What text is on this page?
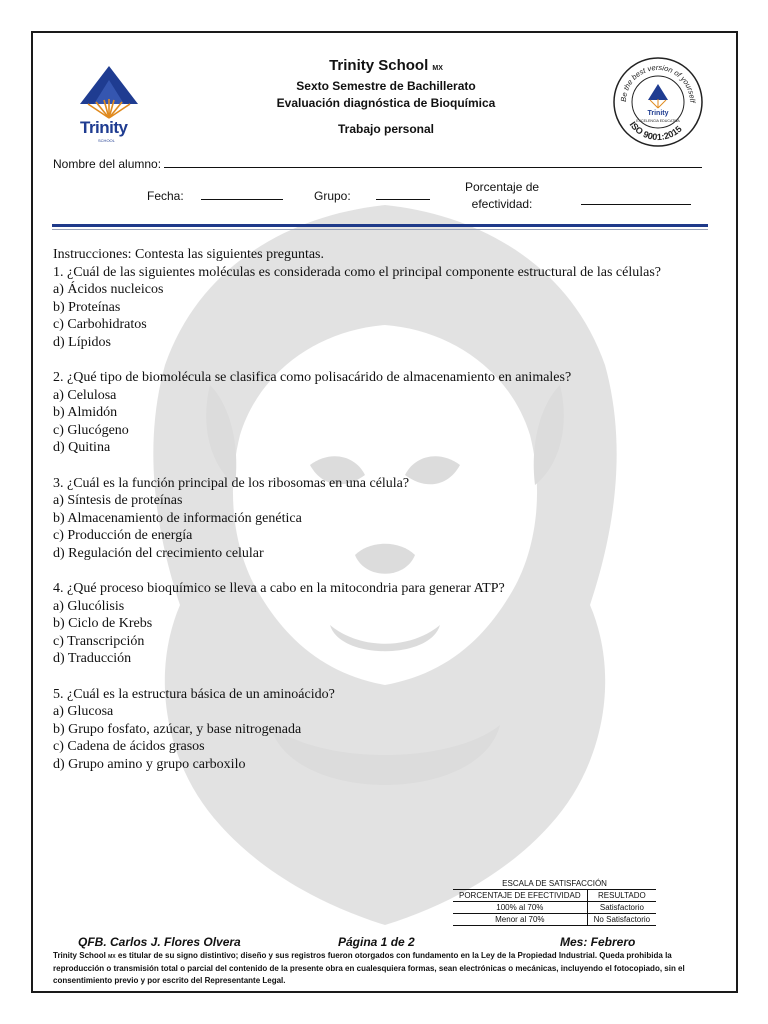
Trinity
SCHOOL
Be the best version of yourself
ISO 9001:2015
Trinity
EXCELENCIA EDUCATIVA
Trinity School MX
Sexto Semestre de Bachillerato
Evaluación diagnóstica de Bioquímica
Trabajo personal
Nombre del alumno:
Fecha:	Grupo:
Porcentaje de
efectividad:

Instrucciones: Contesta las siguientes preguntas.

1. ¿Cuál de las siguientes moléculas es considerada como el principal componente estructural de las células?

a) Ácidos nucleicos

b) Proteínas

c) Carbohidratos

d) Lípidos

2. ¿Qué tipo de biomolécula se clasifica como polisacárido de almacenamiento en animales?

a) Celulosa

b) Almidón

c) Glucógeno

d) Quitina

3. ¿Cuál es la función principal de los ribosomas en una célula?

a) Síntesis de proteínas

b) Almacenamiento de información genética

c) Producción de energía

d) Regulación del crecimiento celular

4. ¿Qué proceso bioquímico se lleva a cabo en la mitocondria para generar ATP?

a) Glucólisis

b) Ciclo de Krebs

c) Transcripción

d) Traducción

5. ¿Cuál es la estructura básica de un aminoácido?

a) Glucosa

b) Grupo fosfato, azúcar, y base nitrogenada

c) Cadena de ácidos grasos

d) Grupo amino y grupo carboxilo

ESCALA DE SATISFACCIÓN	
PORCENTAJE DE EFECTIVIDAD	RESULTADO
100% al 70%	Satisfactorio
Menor al 70%	No Satisfactorio
QFB. Carlos J. Flores Olvera	Página 1 de 2	Mes: Febrero
Trinity School MX es titular de su signo distintivo; diseño y sus registros fueron otorgados con fundamento en la Ley de la Propiedad Industrial. Queda prohibida la reproducción o transmisión total o parcial del contenido de la presente obra en cualesquiera formas, sean electrónicas o mecánicas, incluyendo el fotocopiado, sin el consentimiento previo y por escrito del Representante Legal.
